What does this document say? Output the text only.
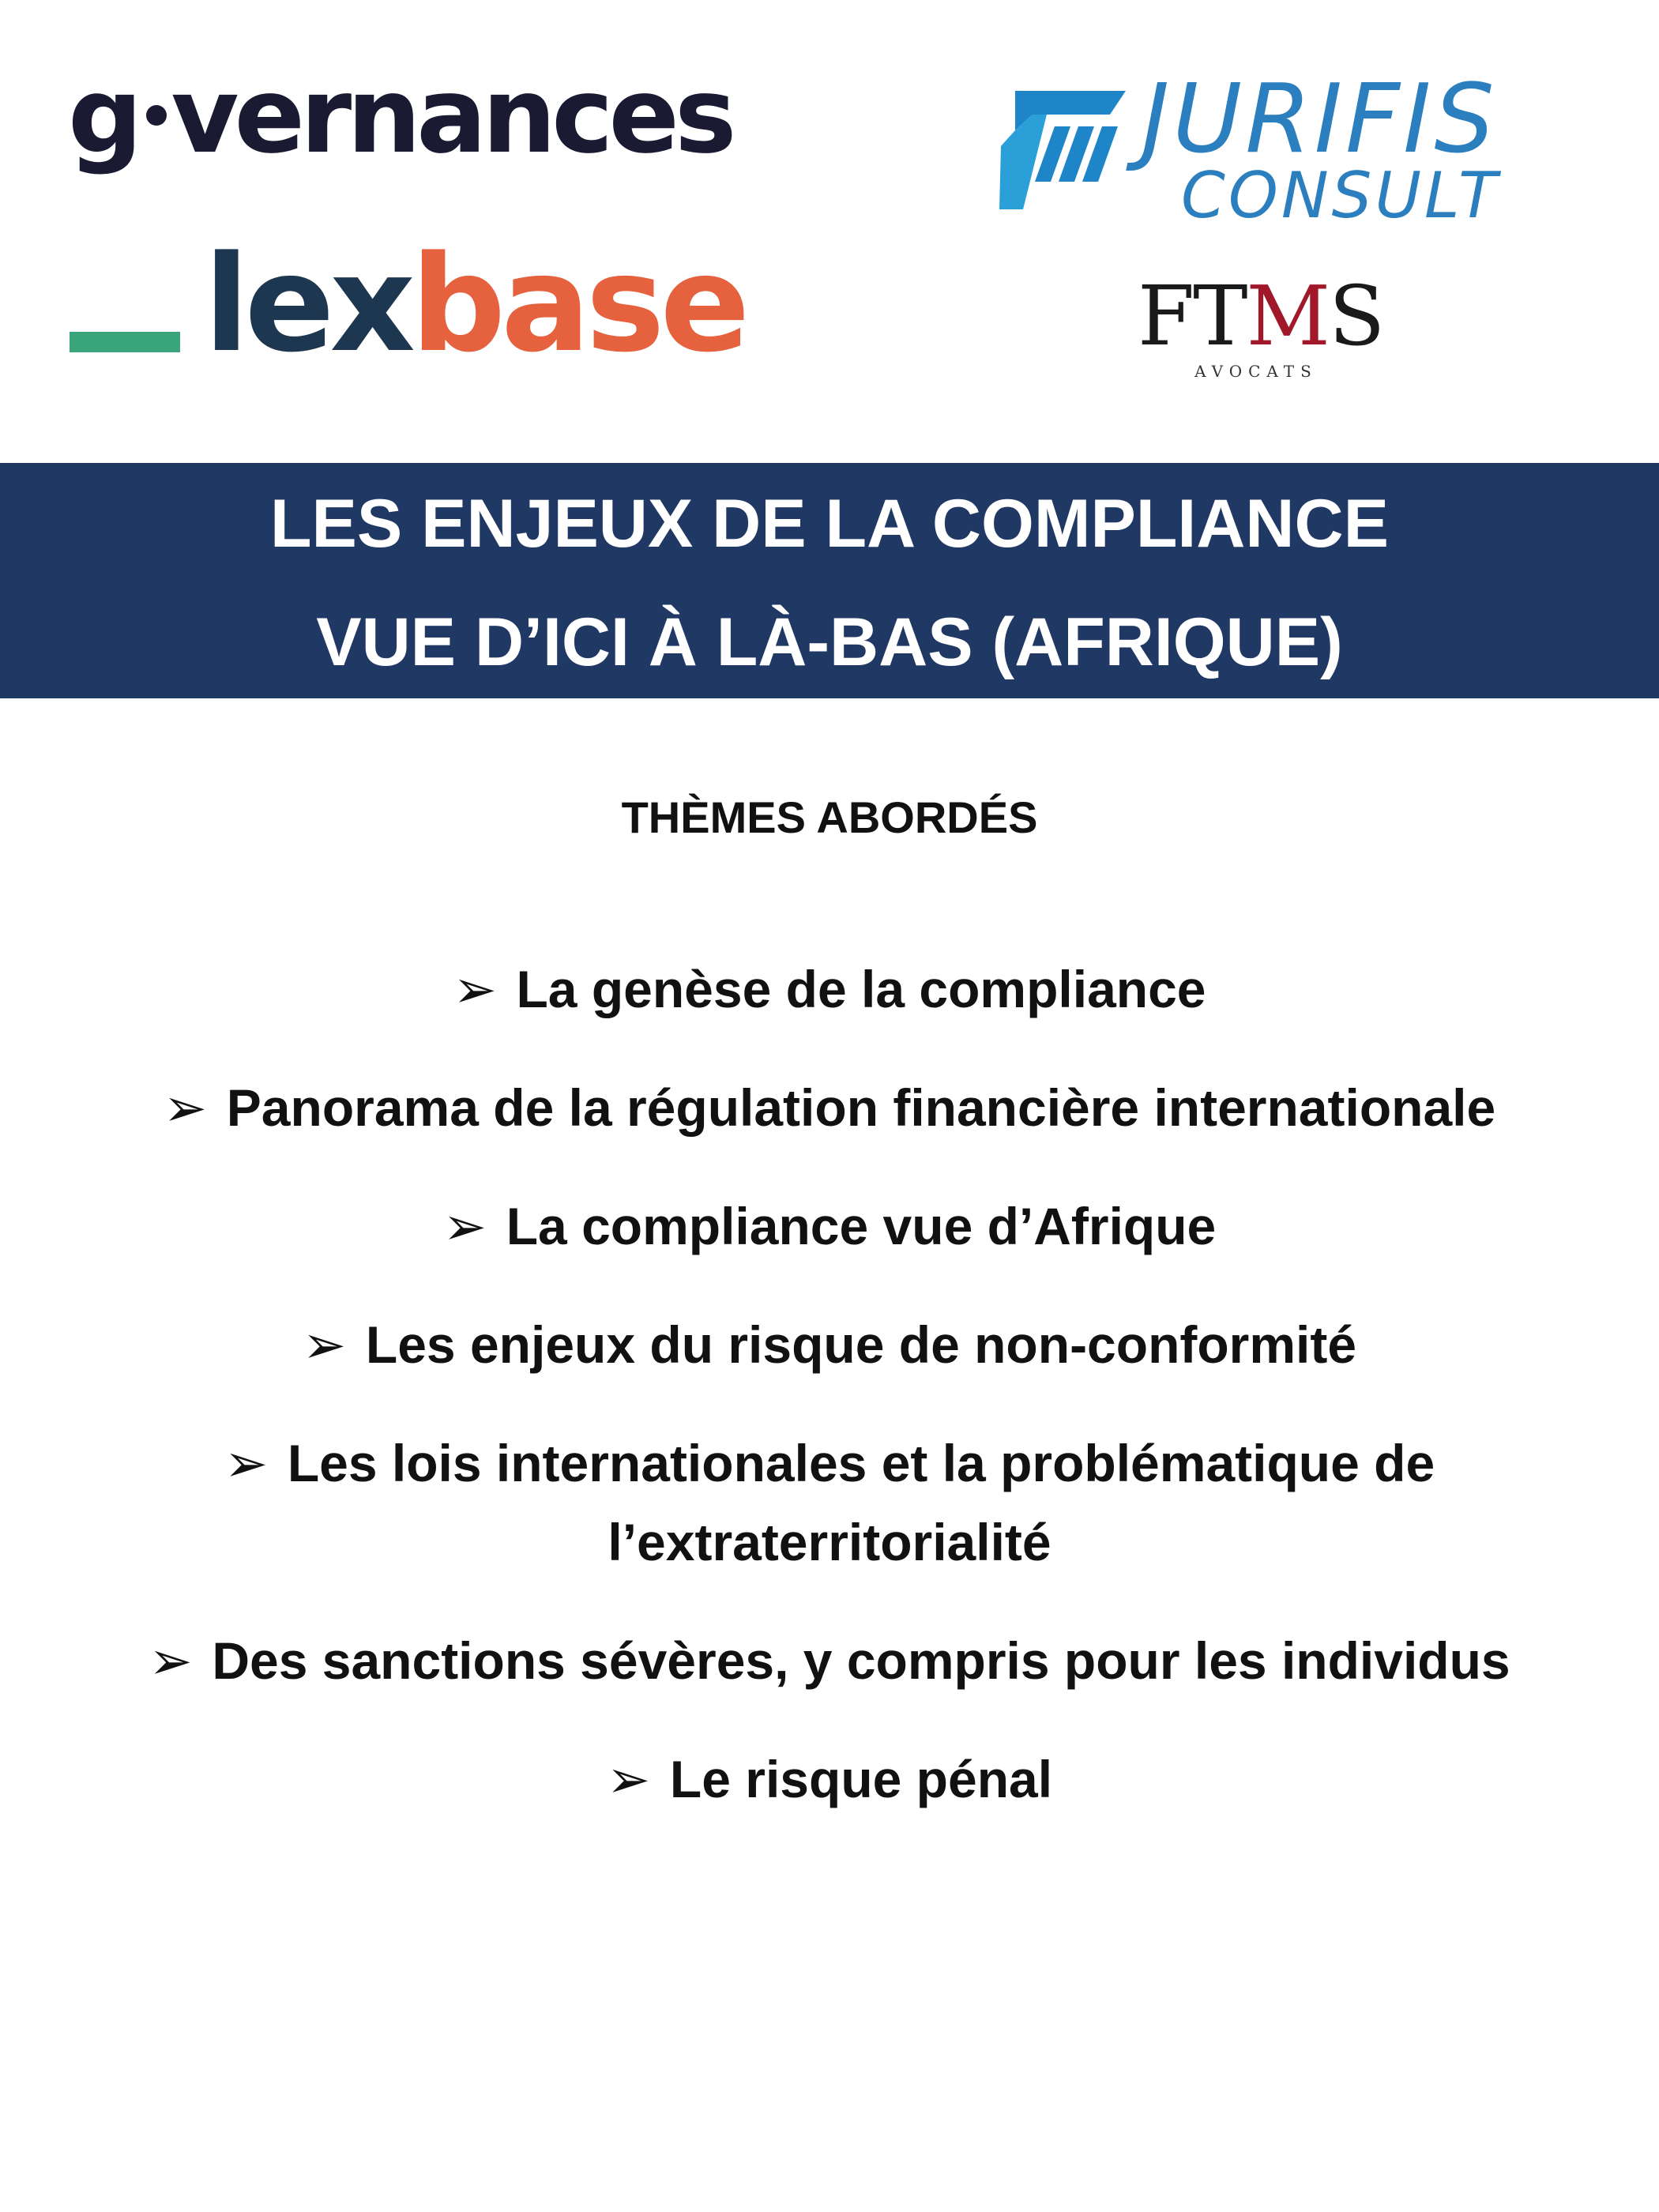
g vernances
lexbase
JURIFIS
CONSULT
FTMS
AVOCATS
LES ENJEUX DE LA COMPLIANCE
VUE D’ICI À LÀ-BAS (AFRIQUE)
THÈMES ABORDÉS
➢ La genèse de la compliance
➢ Panorama de la régulation financière internationale
➢ La compliance vue d’Afrique
➢ Les enjeux du risque de non-conformité
➢ Les lois internationales et la problématique de
l’extraterritorialité
➢ Des sanctions sévères, y compris pour les individus
➢ Le risque pénal
